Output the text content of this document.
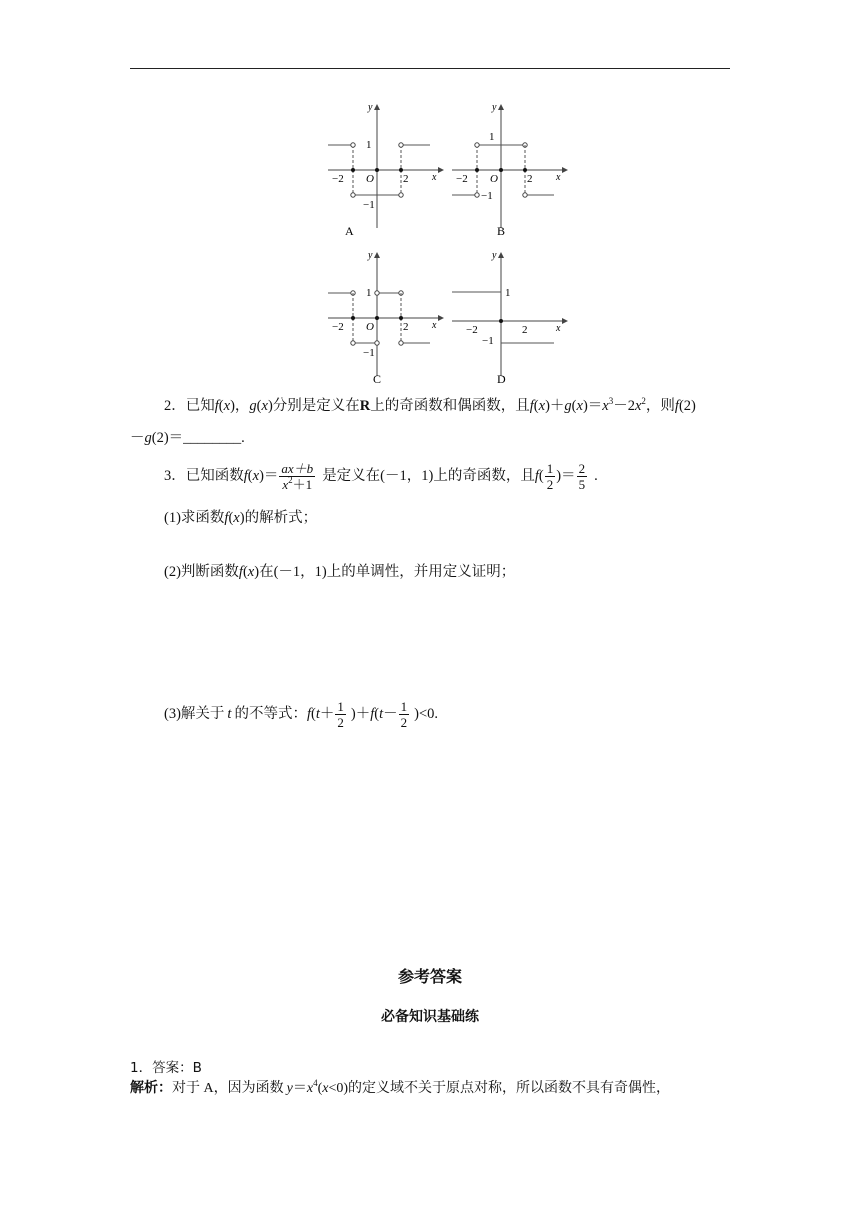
y
x
1
−1
−2	2
O
A
y
x
1
−1
−2	2
O
B
y
x
1
−1
−2	2
O
C
y
x
1
−1
−2	2
D
2．已知f(x)，g(x)分别是定义在R上的奇函数和偶函数，且$f(x)+g(x)=x^3-2x^2$，则f(2)
－g(2)＝________.
3． 已知函数 f ( x )＝ $\frac{ax+b}{x^2+1}$ 是定义在(－1，1)上的奇函数，且 f ( $\frac{1}{2}$ )＝ $\frac{2}{5}$ .
(1)求函数f(x)的解析式；
(2)判断函数f(x)在(－1，1)上的单调性，并用定义证明；
(3)解关于 t 的不等式： f ( $t + \frac{1}{2}$ )＋ f ( $t - \frac{1}{2} )<0$.
参考答案
必备知识基础练
1．答案：B
解析：对于 A，因为函数 $y=x^4(x<0)$的定义域不关于原点对称，所以函数不具有奇偶性，
